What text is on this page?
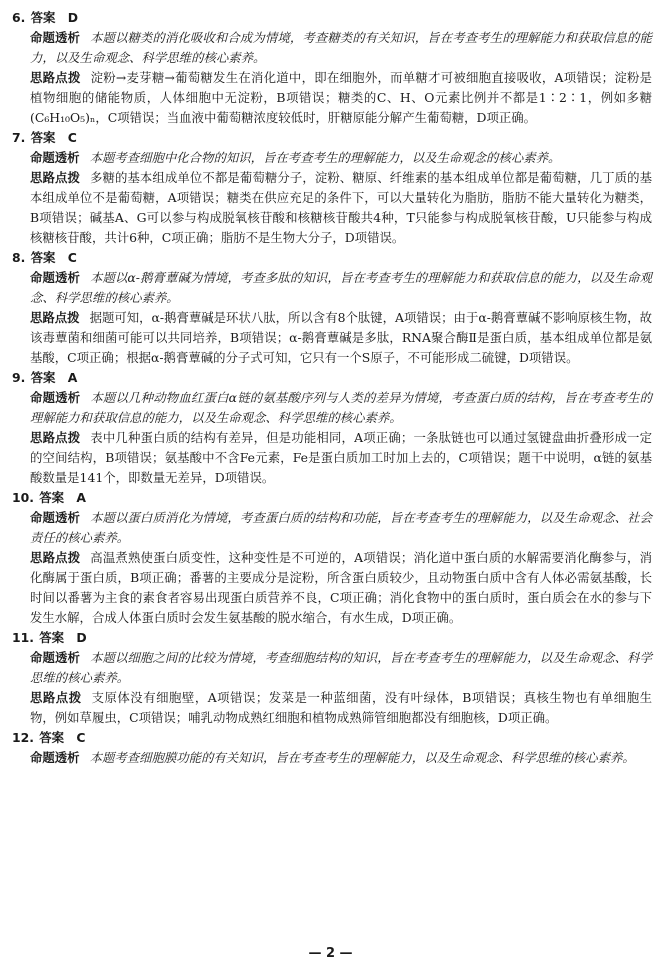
6. 答案 D
命题透析 本题以糖类的消化吸收和合成为情境，考查糖类的有关知识，旨在考查考生的理解能力和获取信息的能力，以及生命观念、科学思维的核心素养。
思路点拨 淀粉→麦芽糖→葡萄糖发生在消化道中，即在细胞外，而单糖才可被细胞直接吸收，A项错误；淀粉是植物细胞的储能物质，人体细胞中无淀粉，B项错误；糖类的C、H、O元素比例并不都是1∶2∶1，例如多糖(C₆H₁₀O₅)ₙ，C项错误；当血液中葡萄糖浓度较低时，肝糖原能分解产生葡萄糖，D项正确。
7. 答案 C
命题透析 本题考查细胞中化合物的知识，旨在考查考生的理解能力，以及生命观念的核心素养。
思路点拨 多糖的基本组成单位不都是葡萄糖分子，淀粉、糖原、纤维素的基本组成单位都是葡萄糖，几丁质的基本组成单位不是葡萄糖，A项错误；糖类在供应充足的条件下，可以大量转化为脂肪，脂肪不能大量转化为糖类，B项错误；碱基A、G可以参与构成脱氧核苷酸和核糖核苷酸共4种，T只能参与构成脱氧核苷酸，U只能参与构成核糖核苷酸，共计6种，C项正确；脂肪不是生物大分子，D项错误。
8. 答案 C
命题透析 本题以α-鹅膏蕈碱为情境，考查多肽的知识，旨在考查考生的理解能力和获取信息的能力，以及生命观念、科学思维的核心素养。
思路点拨 据题可知，α-鹅膏蕈碱是环状八肽，所以含有8个肽键，A项错误；由于α-鹅膏蕈碱不影响原核生物，故该毒蕈菌和细菌可能可以共同培养，B项错误；α-鹅膏蕈碱是多肽，RNA聚合酶Ⅱ是蛋白质，基本组成单位都是氨基酸，C项正确；根据α-鹅膏蕈碱的分子式可知，它只有一个S原子，不可能形成二硫键，D项错误。
9. 答案 A
命题透析 本题以几种动物血红蛋白α链的氨基酸序列与人类的差异为情境，考查蛋白质的结构，旨在考查考生的理解能力和获取信息的能力，以及生命观念、科学思维的核心素养。
思路点拨 表中几种蛋白质的结构有差异，但是功能相同，A项正确；一条肽链也可以通过氢键盘曲折叠形成一定的空间结构，B项错误；氨基酸中不含Fe元素，Fe是蛋白质加工时加上去的，C项错误；题干中说明，α链的氨基酸数量是141个，即数量无差异，D项错误。
10. 答案 A
命题透析 本题以蛋白质消化为情境，考查蛋白质的结构和功能，旨在考查考生的理解能力，以及生命观念、社会责任的核心素养。
思路点拨 高温煮熟使蛋白质变性，这种变性是不可逆的，A项错误；消化道中蛋白质的水解需要消化酶参与，消化酶属于蛋白质，B项正确；番薯的主要成分是淀粉，所含蛋白质较少，且动物蛋白质中含有人体必需氨基酸，长时间以番薯为主食的素食者容易出现蛋白质营养不良，C项正确；消化食物中的蛋白质时，蛋白质会在水的参与下发生水解，合成人体蛋白质时会发生氨基酸的脱水缩合，有水生成，D项正确。
11. 答案 D
命题透析 本题以细胞之间的比较为情境，考查细胞结构的知识，旨在考查考生的理解能力，以及生命观念、科学思维的核心素养。
思路点拨 支原体没有细胞壁，A项错误；发菜是一种蓝细菌，没有叶绿体，B项错误；真核生物也有单细胞生物，例如草履虫，C项错误；哺乳动物成熟红细胞和植物成熟筛管细胞都没有细胞核，D项正确。
12. 答案 C
命题透析 本题考查细胞膜功能的有关知识，旨在考查考生的理解能力，以及生命观念、科学思维的核心素养。
— 2 —
